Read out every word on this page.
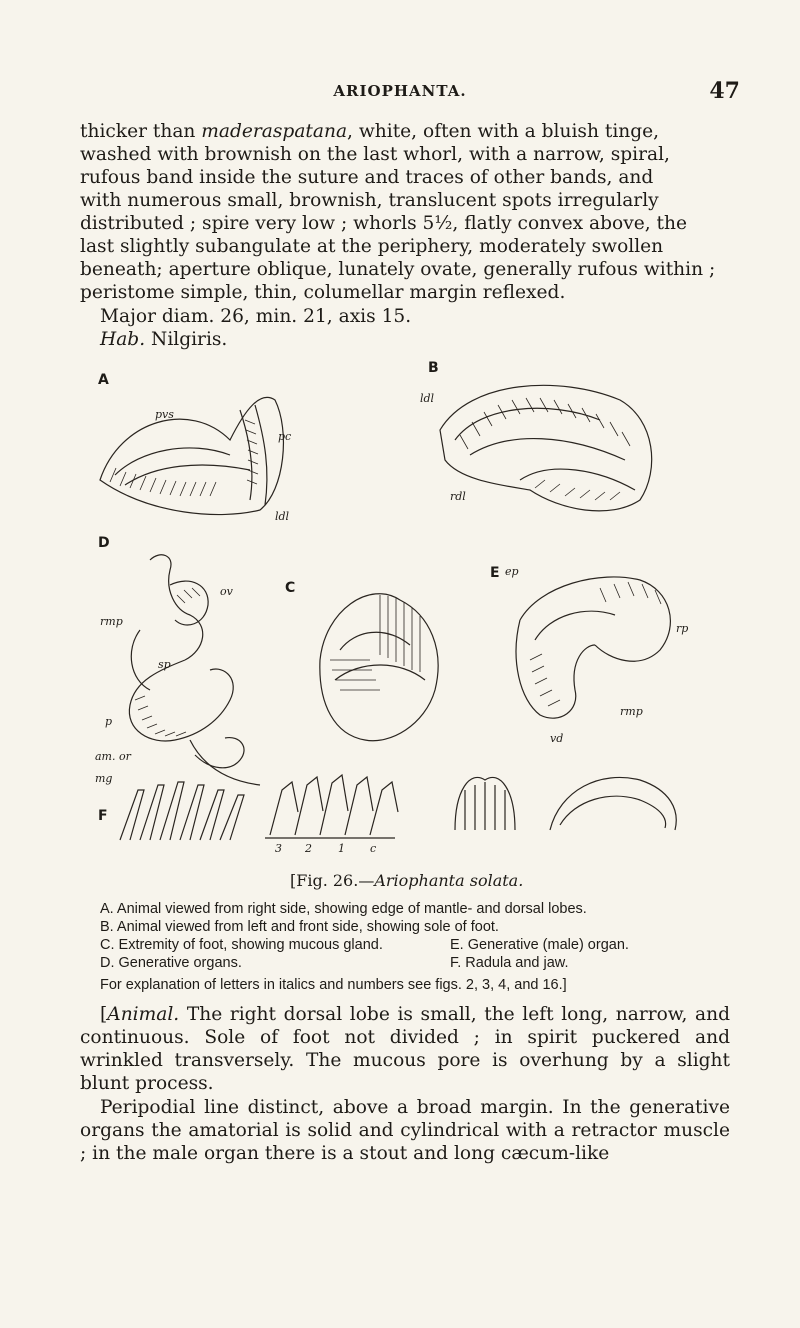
ARIOPHANTA.	47
thicker than maderaspatana, white, often with a bluish tinge,
washed with brownish on the last whorl, with a narrow, spiral,
rufous band inside the suture and traces of other bands, and
with numerous small, brownish, translucent spots irregularly
distributed ; spire very low ; whorls 5½, flatly convex above, the
last slightly subangulate at the periphery, moderately swollen
beneath; aperture oblique, lunately ovate, generally rufous within ;
peristome simple, thin, columellar margin reflexed.
Major diam. 26, min. 21, axis 15.
Hab. Nilgiris.
A
B
D
C
E
F
pvs
pc
ldl
ldl
rdl
ov
rmp
sp
p
am. or
mg
ep
rp
rmp
vd
3 2 1 c
[Fig. 26.—Ariophanta solata.
A. Animal viewed from right side, showing edge of mantle- and dorsal lobes.
B. Animal viewed from left and front side, showing sole of foot.
C. Extremity of foot, showing mucous gland.	E. Generative (male) organ.
D. Generative organs.	F. Radula and jaw.
For explanation of letters in italics and numbers see figs. 2, 3, 4, and 16.]
[Animal. The right dorsal lobe is small, the left long, narrow, and continuous. Sole of foot not divided ; in spirit puckered and wrinkled transversely. The mucous pore is overhung by a slight blunt process.
Peripodial line distinct, above a broad margin. In the generative organs the amatorial is solid and cylindrical with a retractor muscle ; in the male organ there is a stout and long cæcum-like
